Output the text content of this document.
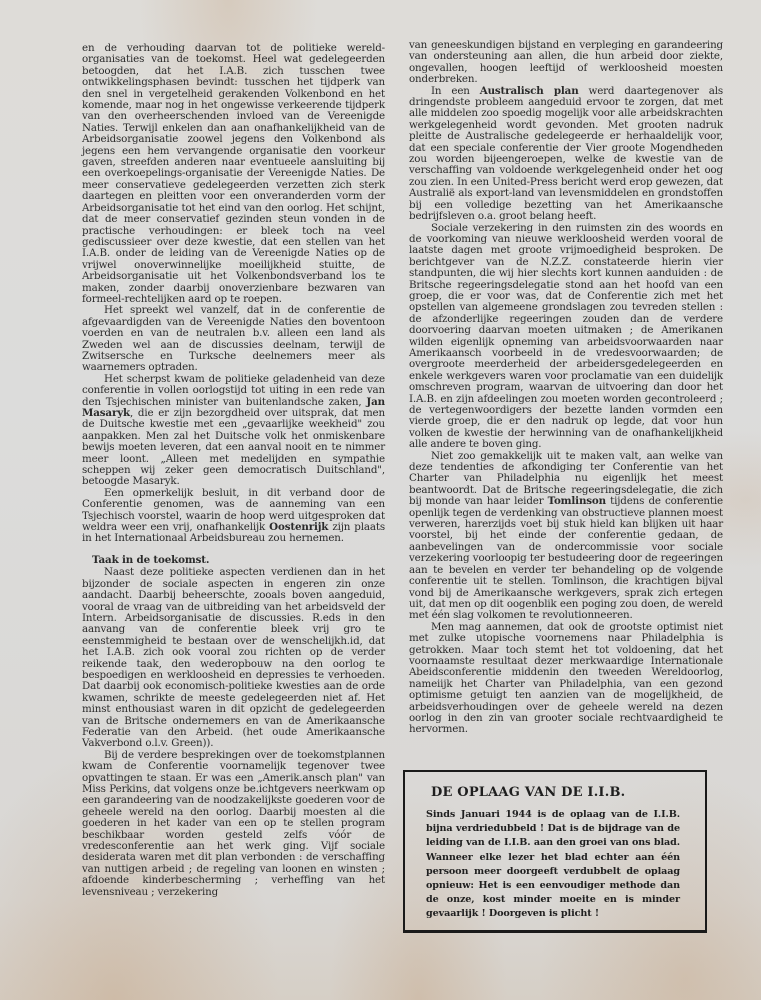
en de verhouding daarvan tot de politieke wereld-organisaties van de toekomst. Heel wat gedelegeerden betoogden, dat het I.A.B. zich tusschen twee ontwikkelingsphasen bevindt: tusschen het tijdperk van den snel in vergetelheid gerakenden Volkenbond en het komende, maar nog in het ongewisse verkeerende tijdperk van den overheerschenden invloed van de Vereenigde Naties. Terwijl enkelen dan aan onafhankelijkheid van de Arbeidsorganisatie zoowel jegens den Volkenbond als jegens een hem vervangende organisatie den voorkeur gaven, streefden anderen naar eventueele aansluiting bij een overkoepelings-organisatie der Vereenigde Naties. De meer conservatieve gedelegeerden verzetten zich sterk daartegen en pleitten voor een onveranderden vorm der Arbeidsorganisatie tot het eind van den oorlog. Het schijnt, dat de meer conservatief gezinden steun vonden in de practische verhoudingen: er bleek toch na veel gediscussieer over deze kwestie, dat een stellen van het I.A.B. onder de leiding van de Vereenigde Naties op de vrijwel onoverwinnelijke moeilijkheid stuitte, de Arbeidsorganisatie uit het Volkenbondsverband los te maken, zonder daarbij onoverzienbare bezwaren van formeel-rechtelijken aard op te roepen.

Het spreekt wel vanzelf, dat in de conferentie de afgevaardigden van de Vereenigde Naties den boventoon voerden en van de neutralen b.v. alleen een land als Zweden wel aan de discussies deelnam, terwijl de Zwitsersche en Turksche deelnemers meer als waarnemers optraden.

Het scherpst kwam de politieke geladenheid van deze conferentie in vollen oorlogstijd tot uiting in een rede van den Tsjechischen minister van buitenlandsche zaken, Jan Masaryk, die er zijn bezorgdheid over uitsprak, dat men de Duitsche kwestie met een „gevaarlijke weekheid" zou aanpakken. Men zal het Duitsche volk het onmiskenbare bewijs moeten leveren, dat een aanval nooit en te nimmer meer loont. „Alleen met medelijden en sympathie scheppen wij zeker geen democratisch Duitschland", betoogde Masaryk.

Een opmerkelijk besluit, in dit verband door de Conferentie genomen, was de aanneming van een Tsjechisch voorstel, waarin de hoop werd uitgesproken dat weldra weer een vrij, onafhankelijk Oostenrijk zijn plaats in het Internationaal Arbeidsbureau zou hernemen.

Taak in de toekomst.

Naast deze politieke aspecten verdienen dan in het bijzonder de sociale aspecten in engeren zin onze aandacht. Daarbij beheerschte, zooals boven aangeduid, vooral de vraag van de uitbreiding van het arbeidsveld der Intern. Arbeidsorganisatie de discussies. R.eds in den aanvang van de conferentie bleek vrij gro te eenstemmigheid te bestaan over de wenschelijkh.id, dat het I.A.B. zich ook vooral zou richten op de verder reikende taak, den wederopbouw na den oorlog te bespoedigen en werkloosheid en depressies te verhoeden. Dat daarbij ook economisch-politieke kwesties aan de orde kwamen, schrikte de meeste gedelegeerden niet af. Het minst enthousiast waren in dit opzicht de gedelegeerden van de Britsche ondernemers en van de Amerikaansche Federatie van den Arbeid. (het oude Amerikaansche Vakverbond o.l.v. Green)).

Bij de verdere besprekingen over de toekomstplannen kwam de Conferentie voornamelijk tegenover twee opvattingen te staan. Er was een „Amerik.ansch plan" van Miss Perkins, dat volgens onze be.ichtgevers neerkwam op een garandeering van de noodzakelijkste goederen voor de geheele wereld na den oorlog. Daarbij moesten al die goederen in het kader van een op te stellen program beschikbaar worden gesteld zelfs vóór de vredesconferentie aan het werk ging. Vijf sociale desiderata waren met dit plan verbonden : de verschaffing van nuttigen arbeid ; de regeling van loonen en winsten ; afdoende kinderbescherming ; verheffing van het levensniveau ; verzekering

van geneeskundigen bijstand en verpleging en garandeering van ondersteuning aan allen, die hun arbeid door ziekte, ongevallen, hoogen leeftijd of werkloosheid moesten onderbreken.

In een Australisch plan werd daartegenover als dringendste probleem aangeduid ervoor te zorgen, dat met alle middelen zoo spoedig mogelijk voor alle arbeidskrachten werkgelegenheid wordt gevonden. Met grooten nadruk pleitte de Australische gedelegeerde er herhaaldelijk voor, dat een speciale conferentie der Vier groote Mogendheden zou worden bijeengeroepen, welke de kwestie van de verschaffing van voldoende werkgelegenheid onder het oog zou zien. In een United-Press bericht werd erop gewezen, dat Australië als export-land van levensmiddelen en grondstoffen bij een volledige bezetting van het Amerikaansche bedrijfsleven o.a. groot belang heeft.

Sociale verzekering in den ruimsten zin des woords en de voorkoming van nieuwe werkloosheid werden vooral de laatste dagen met groote vrijmoedigheid besproken. De berichtgever van de N.Z.Z. constateerde hierin vier standpunten, die wij hier slechts kort kunnen aanduiden : de Britsche regeeringsdelegatie stond aan het hoofd van een groep, die er voor was, dat de Conferentie zich met het opstellen van algemeene grondslagen zou tevreden stellen : de afzonderlijke regeeringen zouden dan de verdere doorvoering daarvan moeten uitmaken ; de Amerikanen wilden eigenlijk opneming van arbeidsvoorwaarden naar Amerikaansch voorbeeld in de vredesvoorwaarden; de overgroote meerderheid der arbeidersgedelegeerden en enkele werkgevers waren voor proclamatie van een duidelijk omschreven program, waarvan de uitvoering dan door het I.A.B. en zijn afdeelingen zou moeten worden gecontroleerd ; de vertegenwoordigers der bezette landen vormden een vierde groep, die er den nadruk op legde, dat voor hun volken de kwestie der herwinning van de onafhankelijkheid alle andere te boven ging.

Niet zoo gemakkelijk uit te maken valt, aan welke van deze tendenties de afkondiging ter Conferentie van het Charter van Philadelphia nu eigenlijk het meest beantwoordt. Dat de Britsche regeeringsdelegatie, die zich bij monde van haar leider Tomlinson tijdens de conferentie openlijk tegen de verdenking van obstructieve plannen moest verweren, harerzijds voet bij stuk hield kan blijken uit haar voorstel, bij het einde der conferentie gedaan, de aanbevelingen van de ondercommissie voor sociale verzekering voorloopig ter bestudeering door de regeeringen aan te bevelen en verder ter behandeling op de volgende conferentie uit te stellen. Tomlinson, die krachtigen bijval vond bij de Amerikaansche werkgevers, sprak zich ertegen uit, dat men op dit oogenblik een poging zou doen, de wereld met één slag volkomen te revolutionneeren.

Men mag aannemen, dat ook de grootste optimist niet met zulke utopische voornemens naar Philadelphia is getrokken. Maar toch stemt het tot voldoening, dat het voornaamste resultaat dezer merkwaardige Internationale Abeidsconferentie middenin den tweeden Wereldoorlog, nameiijk het Charter van Philadelphia, van een gezond optimisme getuigt ten aanzien van de mogelijkheid, de arbeidsverhoudingen over de geheele wereld na dezen oorlog in den zin van grooter sociale rechtvaardigheid te hervormen.

DE OPLAAG VAN DE I.I.B.
Sinds Januari 1944 is de oplaag van de I.I.B. bijna verdriedubbeld ! Dat is de bijdrage van de leiding van de I.I.B. aan den groei van ons blad. Wanneer elke lezer het blad echter aan één persoon meer doorgeeft verdubbelt de oplaag opnieuw: Het is een eenvoudiger methode dan de onze, kost minder moeite en is minder gevaarlijk ! Doorgeven is plicht !
